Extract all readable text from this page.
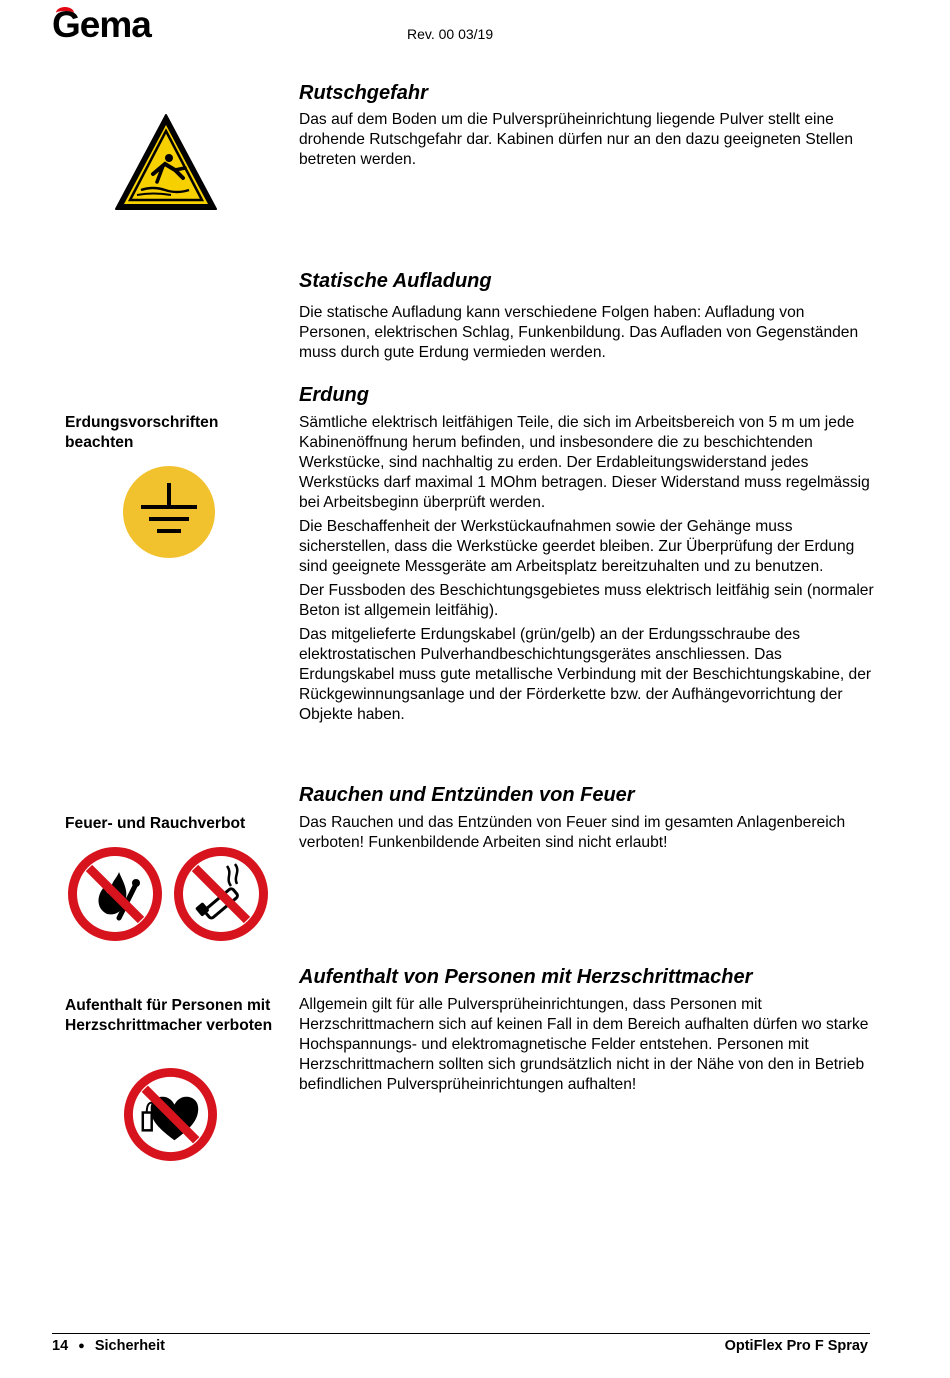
Gema	Rev. 00 03/19
Rutschgefahr

Das auf dem Boden um die Pulversprüheinrichtung liegende Pulver stellt eine drohende Rutschgefahr dar. Kabinen dürfen nur an den dazu geeigneten Stellen betreten werden.

Statische Aufladung

Die statische Aufladung kann verschiedene Folgen haben: Aufladung von Personen, elektrischen Schlag, Funkenbildung. Das Aufladen von Gegenständen muss durch gute Erdung vermieden werden.

Erdungsvorschriften beachten
Erdung

Sämtliche elektrisch leitfähigen Teile, die sich im Arbeitsbereich von 5 m um jede Kabinenöffnung herum befinden, und insbesondere die zu beschichtenden Werkstücke, sind nachhaltig zu erden. Der Erdableitungswiderstand jedes Werkstücks darf maximal 1 MOhm betragen. Dieser Widerstand muss regelmässig bei Arbeitsbeginn überprüft werden.

Die Beschaffenheit der Werkstückaufnahmen sowie der Gehänge muss sicherstellen, dass die Werkstücke geerdet bleiben. Zur Überprüfung der Erdung sind geeignete Messgeräte am Arbeitsplatz bereitzuhalten und zu benutzen.

Der Fussboden des Beschichtungsgebietes muss elektrisch leitfähig sein (normaler Beton ist allgemein leitfähig).

Das mitgelieferte Erdungskabel (grün/gelb) an der Erdungsschraube des elektrostatischen Pulverhandbeschichtungsgerätes anschliessen. Das Erdungskabel muss gute metallische Verbindung mit der Beschichtungskabine, der Rückgewinnungsanlage und der Förderkette bzw. der Aufhängevorrichtung der Objekte haben.

Feuer- und Rauchverbot
Rauchen und Entzünden von Feuer

Das Rauchen und das Entzünden von Feuer sind im gesamten Anlagenbereich verboten! Funkenbildende Arbeiten sind nicht erlaubt!

Aufenthalt für Personen mit Herzschrittmacher verboten
Aufenthalt von Personen mit Herzschrittmacher

Allgemein gilt für alle Pulversprüheinrichtungen, dass Personen mit Herzschrittmachern sich auf keinen Fall in dem Bereich aufhalten dürfen wo starke Hochspannungs- und elektromagnetische Felder entstehen. Personen mit Herzschrittmachern sollten sich grundsätzlich nicht in der Nähe von den in Betrieb befindlichen Pulversprüheinrichtungen aufhalten!

14 ● Sicherheit	OptiFlex Pro F Spray
